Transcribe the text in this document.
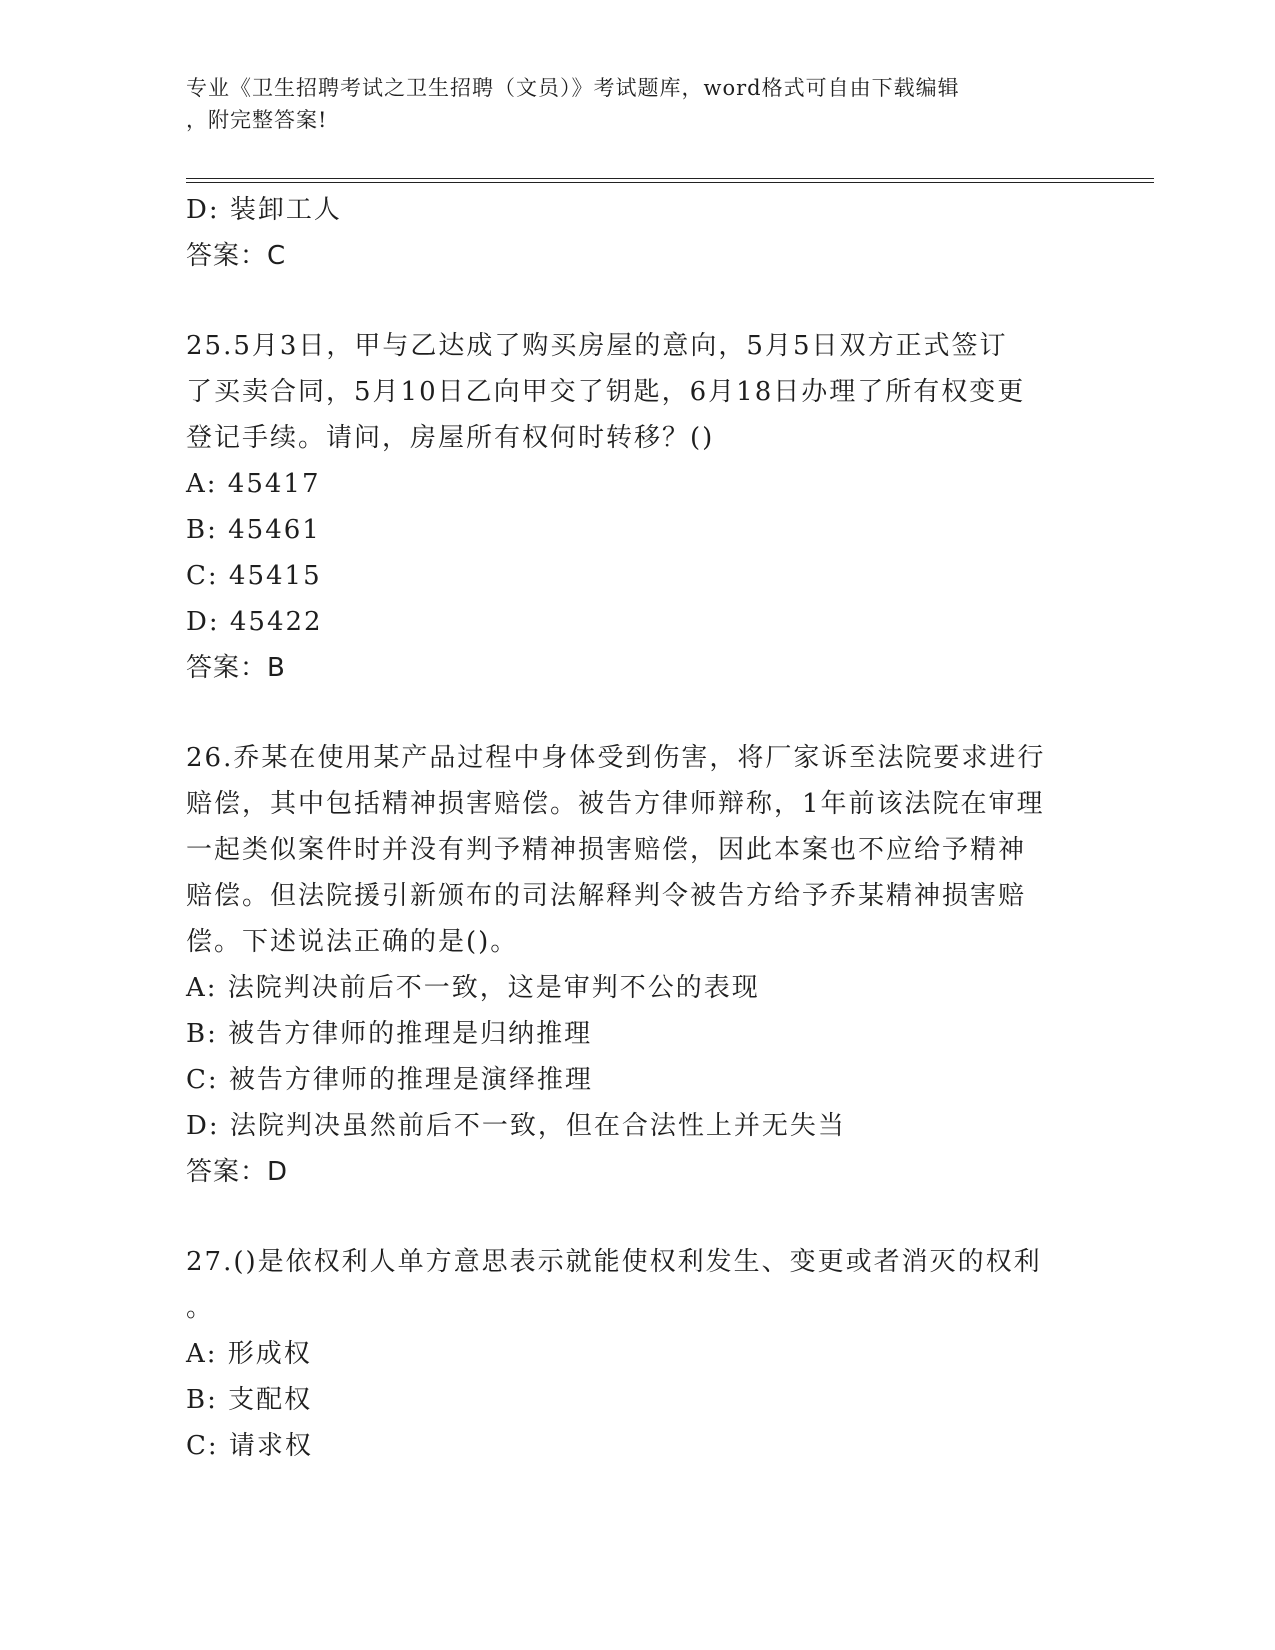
专业《卫生招聘考试之卫生招聘（文员）》考试题库，word格式可自由下载编辑
，附完整答案!
D: 装卸工人
答案：C
25.5月3日，甲与乙达成了购买房屋的意向，5月5日双方正式签订
了买卖合同，5月10日乙向甲交了钥匙，6月18日办理了所有权变更
登记手续。请问，房屋所有权何时转移？()
A: 45417
B: 45461
C: 45415
D: 45422
答案：B
26.乔某在使用某产品过程中身体受到伤害，将厂家诉至法院要求进行
赔偿，其中包括精神损害赔偿。被告方律师辩称，1年前该法院在审理
一起类似案件时并没有判予精神损害赔偿，因此本案也不应给予精神
赔偿。但法院援引新颁布的司法解释判令被告方给予乔某精神损害赔
偿。下述说法正确的是()。
A: 法院判决前后不一致，这是审判不公的表现
B: 被告方律师的推理是归纳推理
C: 被告方律师的推理是演绎推理
D: 法院判决虽然前后不一致，但在合法性上并无失当
答案：D
27.()是依权利人单方意思表示就能使权利发生、变更或者消灭的权利
。
A: 形成权
B: 支配权
C: 请求权
